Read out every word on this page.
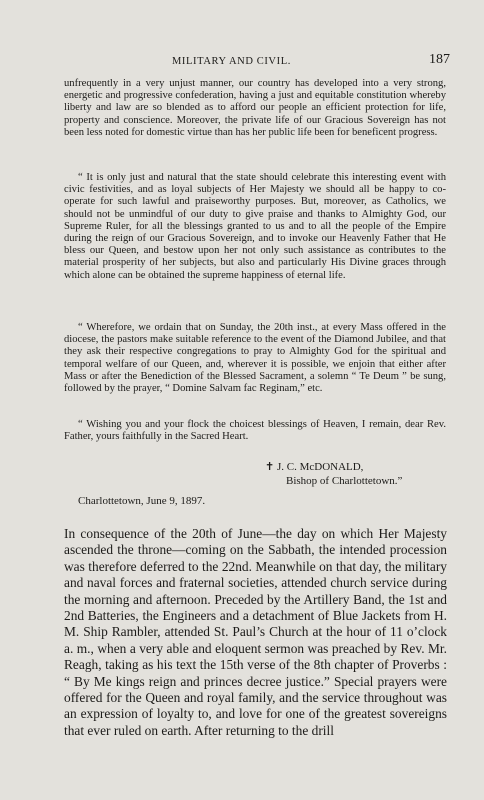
MILITARY AND CIVIL.	187

unfrequently in a very unjust manner, our country has developed into a very strong, energetic and progressive confederation, having a just and equitable constitution whereby liberty and law are so blended as to afford our people an efficient protection for life, property and conscience. Moreover, the private life of our Gracious Sovereign has not been less noted for domestic virtue than has her public life been for beneficent progress.

“ It is only just and natural that the state should celebrate this interesting event with civic festivities, and as loyal subjects of Her Majesty we should all be happy to co-operate for such lawful and praiseworthy purposes. But, moreover, as Catholics, we should not be unmindful of our duty to give praise and thanks to Almighty God, our Supreme Ruler, for all the blessings granted to us and to all the people of the Empire during the reign of our Gracious Sovereign, and to invoke our Heavenly Father that He bless our Queen, and bestow upon her not only such assistance as contributes to the material prosperity of her subjects, but also and particularly His Divine graces through which alone can be obtained the supreme happiness of eternal life.

“ Wherefore, we ordain that on Sunday, the 20th inst., at every Mass offered in the diocese, the pastors make suitable reference to the event of the Diamond Jubilee, and that they ask their respective congregations to pray to Almighty God for the spiritual and temporal welfare of our Queen, and, wherever it is possible, we enjoin that either after Mass or after the Benediction of the Blessed Sacrament, a solemn “ Te Deum ” be sung, followed by the prayer, “ Domine Salvam fac Reginam,” etc.

“ Wishing you and your flock the choicest blessings of Heaven, I remain, dear Rev. Father, yours faithfully in the Sacred Heart.

✝ J. C. McDONALD,
Bishop of Charlottetown.”
Charlottetown, June 9, 1897.

In consequence of the 20th of June—the day on which Her Majesty ascended the throne—coming on the Sabbath, the intended procession was therefore deferred to the 22nd. Meanwhile on that day, the military and naval forces and fraternal societies, attended church service during the morning and afternoon. Preceded by the Artillery Band, the 1st and 2nd Batteries, the Engineers and a detachment of Blue Jackets from H. M. Ship Rambler, attended St. Paul’s Church at the hour of 11 o’clock a. m., when a very able and eloquent sermon was preached by Rev. Mr. Reagh, taking as his text the 15th verse of the 8th chapter of Proverbs : “ By Me kings reign and princes decree justice.” Special prayers were offered for the Queen and royal family, and the service throughout was an expression of loyalty to, and love for one of the greatest sovereigns that ever ruled on earth. After returning to the drill
